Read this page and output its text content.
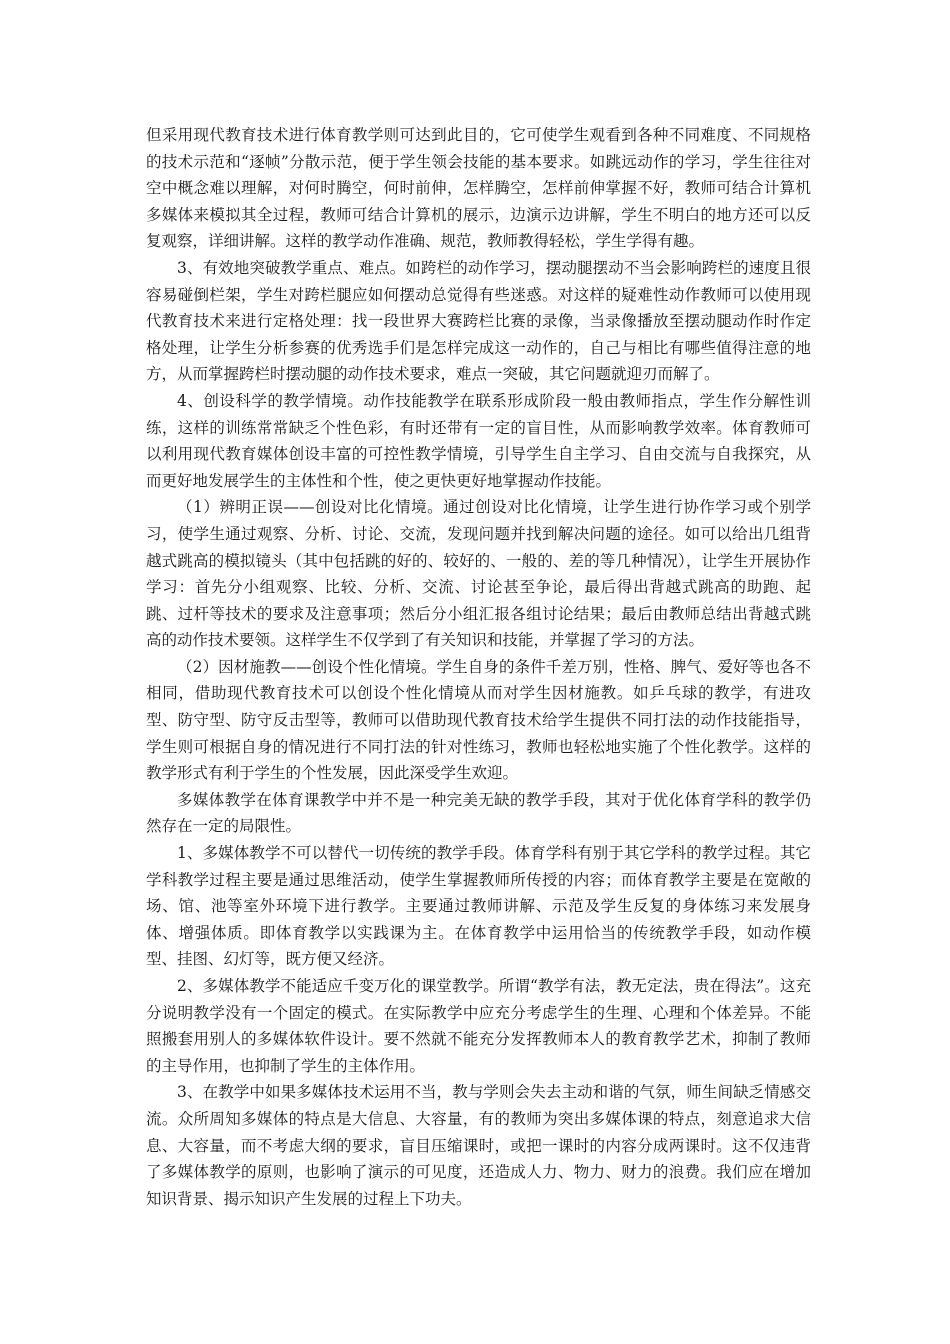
但采用现代教育技术进行体育教学则可达到此目的，它可使学生观看到各种不同难度、不同规格的技术示范和“逐帧”分散示范，便于学生领会技能的基本要求。如跳远动作的学习，学生往往对空中概念难以理解，对何时腾空，何时前伸，怎样腾空，怎样前伸掌握不好，教师可结合计算机多媒体来模拟其全过程，教师可结合计算机的展示，边演示边讲解，学生不明白的地方还可以反复观察，详细讲解。这样的教学动作准确、规范，教师教得轻松，学生学得有趣。

3、有效地突破教学重点、难点。如跨栏的动作学习，摆动腿摆动不当会影响跨栏的速度且很容易碰倒栏架，学生对跨栏腿应如何摆动总觉得有些迷惑。对这样的疑难性动作教师可以使用现代教育技术来进行定格处理：找一段世界大赛跨栏比赛的录像，当录像播放至摆动腿动作时作定格处理，让学生分析参赛的优秀选手们是怎样完成这一动作的，自己与相比有哪些值得注意的地方，从而掌握跨栏时摆动腿的动作技术要求，难点一突破，其它问题就迎刃而解了。

4、创设科学的教学情境。动作技能教学在联系形成阶段一般由教师指点，学生作分解性训练，这样的训练常常缺乏个性色彩，有时还带有一定的盲目性，从而影响教学效率。体育教师可以利用现代教育媒体创设丰富的可控性教学情境，引导学生自主学习、自由交流与自我探究，从而更好地发展学生的主体性和个性，使之更快更好地掌握动作技能。

（1）辨明正误——创设对比化情境。通过创设对比化情境，让学生进行协作学习或个别学习，使学生通过观察、分析、讨论、交流，发现问题并找到解决问题的途径。如可以给出几组背越式跳高的模拟镜头（其中包括跳的好的、较好的、一般的、差的等几种情况），让学生开展协作学习：首先分小组观察、比较、分析、交流、讨论甚至争论，最后得出背越式跳高的助跑、起跳、过杆等技术的要求及注意事项；然后分小组汇报各组讨论结果；最后由教师总结出背越式跳高的动作技术要领。这样学生不仅学到了有关知识和技能，并掌握了学习的方法。

（2）因材施教——创设个性化情境。学生自身的条件千差万别，性格、脾气、爱好等也各不相同，借助现代教育技术可以创设个性化情境从而对学生因材施教。如乒乓球的教学，有进攻型、防守型、防守反击型等，教师可以借助现代教育技术给学生提供不同打法的动作技能指导，学生则可根据自身的情况进行不同打法的针对性练习，教师也轻松地实施了个性化教学。这样的教学形式有利于学生的个性发展，因此深受学生欢迎。

多媒体教学在体育课教学中并不是一种完美无缺的教学手段，其对于优化体育学科的教学仍然存在一定的局限性。

1、多媒体教学不可以替代一切传统的教学手段。体育学科有别于其它学科的教学过程。其它学科教学过程主要是通过思维活动，使学生掌握教师所传授的内容；而体育教学主要是在宽敞的场、馆、池等室外环境下进行教学。主要通过教师讲解、示范及学生反复的身体练习来发展身体、增强体质。即体育教学以实践课为主。在体育教学中运用恰当的传统教学手段，如动作模型、挂图、幻灯等，既方便又经济。

2、多媒体教学不能适应千变万化的课堂教学。所谓“教学有法，教无定法，贵在得法”。这充分说明教学没有一个固定的模式。在实际教学中应充分考虑学生的生理、心理和个体差异。不能照搬套用别人的多媒体软件设计。要不然就不能充分发挥教师本人的教育教学艺术，抑制了教师的主导作用，也抑制了学生的主体作用。

3、在教学中如果多媒体技术运用不当，教与学则会失去主动和谐的气氛，师生间缺乏情感交流。众所周知多媒体的特点是大信息、大容量，有的教师为突出多媒体课的特点，刻意追求大信息、大容量，而不考虑大纲的要求，盲目压缩课时，或把一课时的内容分成两课时。这不仅违背了多媒体教学的原则，也影响了演示的可见度，还造成人力、物力、财力的浪费。我们应在增加知识背景、揭示知识产生发展的过程上下功夫。
